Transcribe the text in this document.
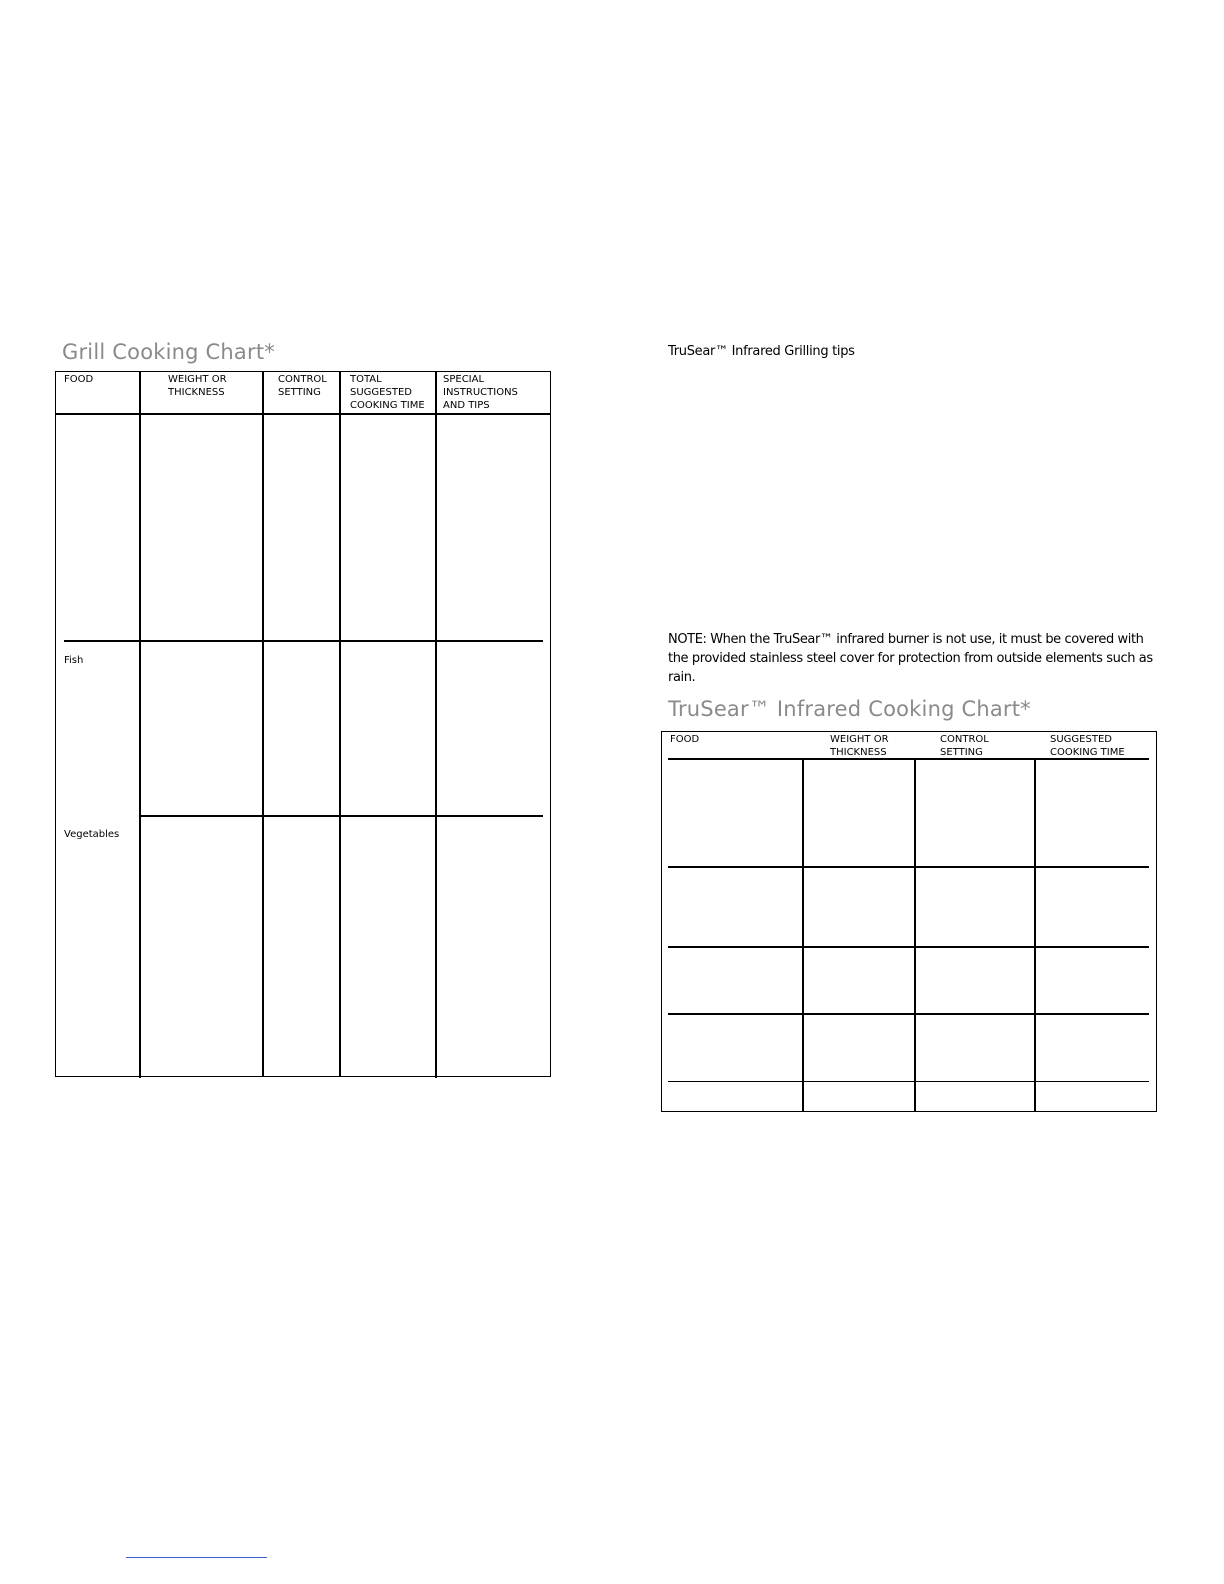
Grill Cooking Chart*
FOOD	WEIGHT OR
THICKNESS
CONTROL
SETTING
TOTAL
SUGGESTED
COOKING TIME
SPECIAL
INSTRUCTIONS
AND TIPS
Fish
Vegetables
TruSear™ Infrared Grilling tips
NOTE: When the TruSear™ infrared burner is not use, it must be covered with the provided stainless steel cover for protection from outside elements such as rain.
TruSear™ Infrared Cooking Chart*
FOOD	WEIGHT OR
THICKNESS
CONTROL
SETTING
SUGGESTED
COOKING TIME
